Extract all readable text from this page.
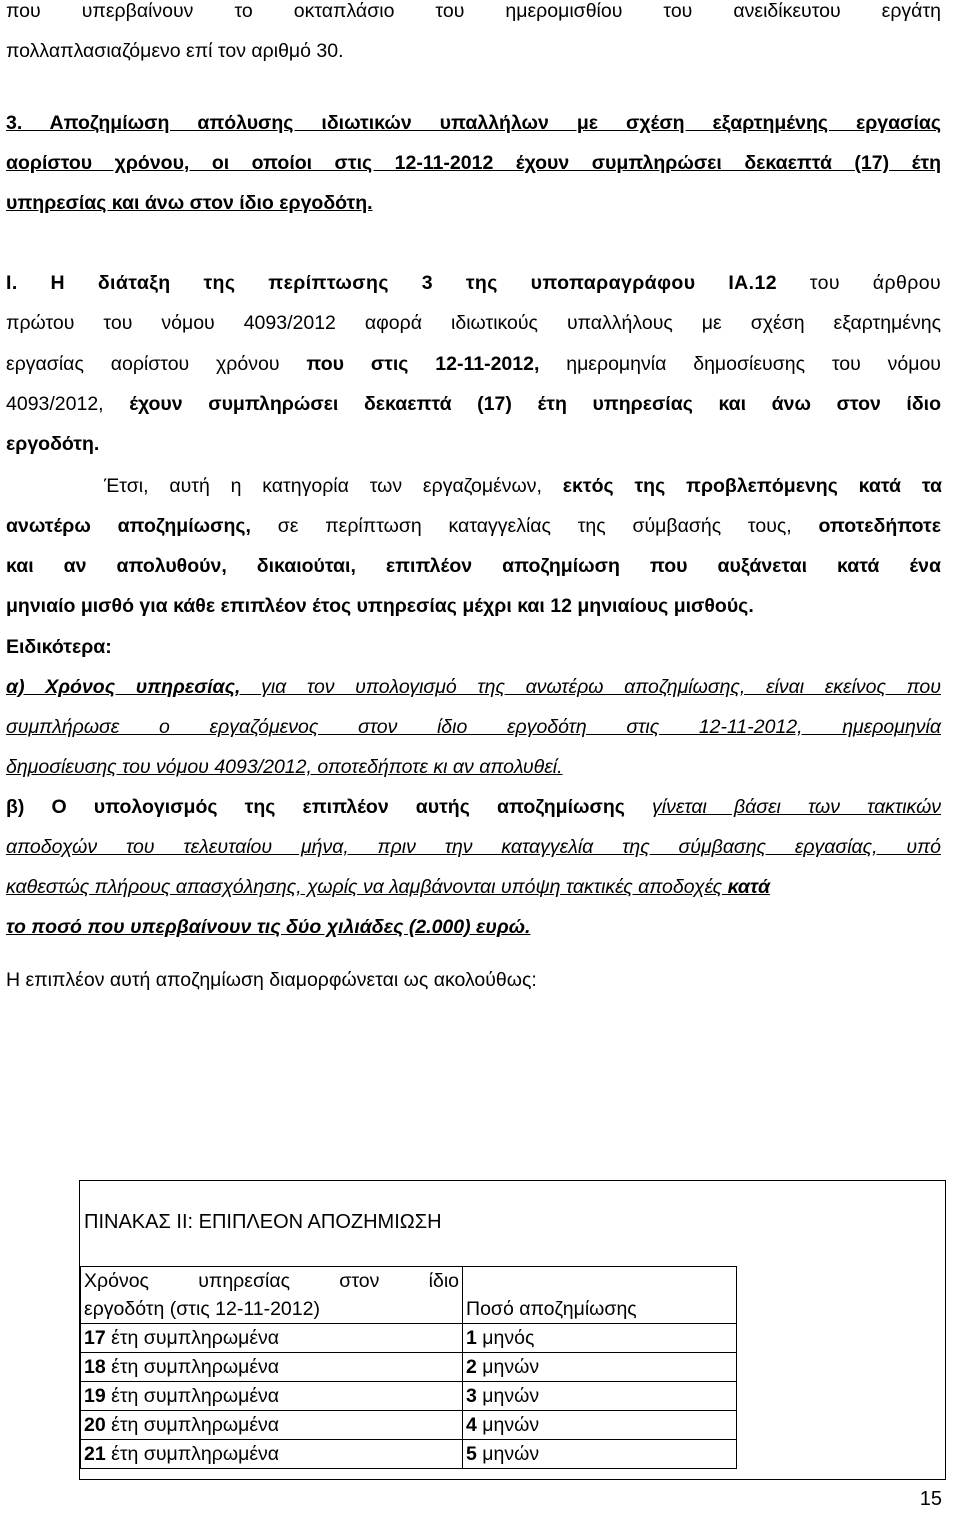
που υπερβαίνουν το οκταπλάσιο του ημερομισθίου του ανειδίκευτου εργάτη
πολλαπλασιαζόμενο επί τον αριθμό 30.
3. Αποζημίωση απόλυσης ιδιωτικών υπαλλήλων με σχέση εξαρτημένης εργασίας
αορίστου χρόνου, οι οποίοι στις 12-11-2012 έχουν συμπληρώσει δεκαεπτά (17) έτη
υπηρεσίας και άνω στον ίδιο εργοδότη.
Ι. Η διάταξη της περίπτωσης 3 της υποπαραγράφου ΙΑ.12 του άρθρου
πρώτου του νόμου 4093/2012 αφορά ιδιωτικούς υπαλλήλους με σχέση εξαρτημένης
εργασίας αορίστου χρόνου που στις 12-11-2012, ημερομηνία δημοσίευσης του νόμου
4093/2012, έχουν συμπληρώσει δεκαεπτά (17) έτη υπηρεσίας και άνω στον ίδιο
εργοδότη.
Έτσι, αυτή η κατηγορία των εργαζομένων, εκτός της προβλεπόμενης κατά τα
ανωτέρω αποζημίωσης, σε περίπτωση καταγγελίας της σύμβασής τους, οποτεδήποτε
και αν απολυθούν, δικαιούται, επιπλέον αποζημίωση που αυξάνεται κατά ένα
μηνιαίο μισθό για κάθε επιπλέον έτος υπηρεσίας μέχρι και 12 μηνιαίους μισθούς.
Ειδικότερα:
α) Χρόνος υπηρεσίας, για τον υπολογισμό της ανωτέρω αποζημίωσης, είναι εκείνος που
συμπλήρωσε ο εργαζόμενος στον ίδιο εργοδότη στις 12-11-2012, ημερομηνία
δημοσίευσης του νόμου 4093/2012, οποτεδήποτε κι αν απολυθεί.
β) Ο υπολογισμός της επιπλέον αυτής αποζημίωσης γίνεται βάσει των τακτικών
αποδοχών του τελευταίου μήνα, πριν την καταγγελία της σύμβασης εργασίας, υπό
καθεστώς πλήρους απασχόλησης, χωρίς να λαμβάνονται υπόψη τακτικές αποδοχές κατά
το ποσό που υπερβαίνουν τις δύο χιλιάδες (2.000) ευρώ.
Η επιπλέον αυτή αποζημίωση διαμορφώνεται ως ακολούθως:
ΠΙΝΑΚΑΣ ΙΙ: ΕΠΙΠΛΕΟΝ ΑΠΟΖΗΜΙΩΣΗ
Χρόνος υπηρεσίας στον ίδιο
εργοδότη (στις 12-11-2012)	Ποσό αποζημίωσης
17 έτη συμπληρωμένα	1 μηνός
18 έτη συμπληρωμένα	2 μηνών
19 έτη συμπληρωμένα	3 μηνών
20 έτη συμπληρωμένα	4 μηνών
21 έτη συμπληρωμένα	5 μηνών
15
